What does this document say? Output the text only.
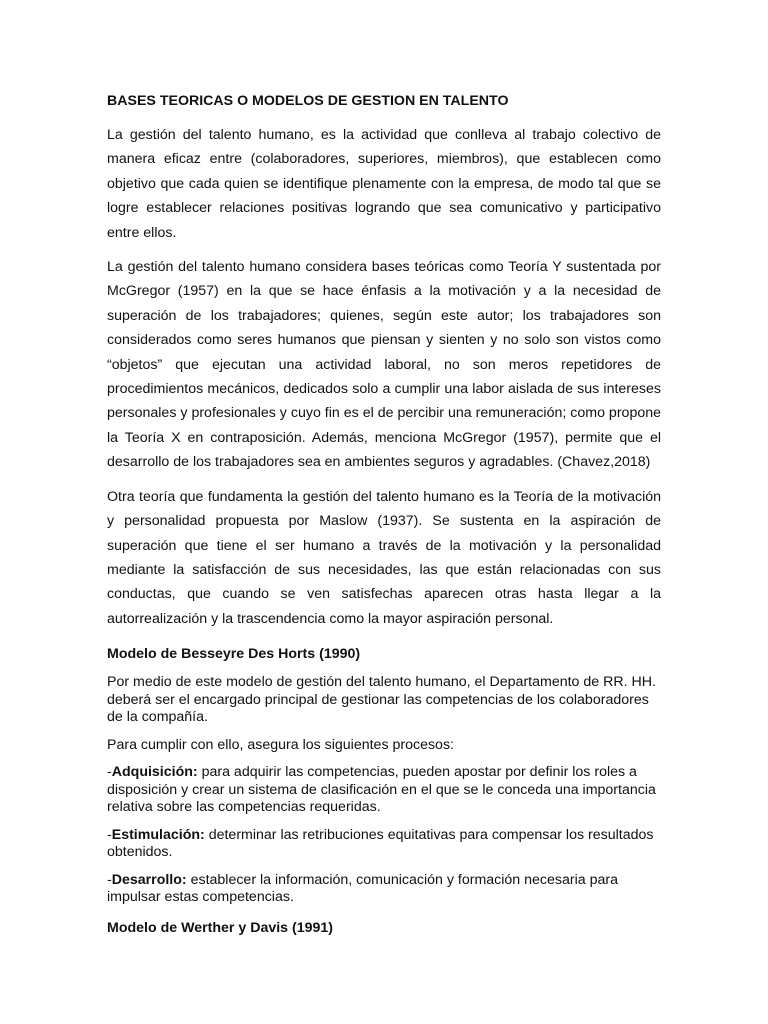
BASES TEORICAS O MODELOS DE GESTION EN TALENTO

La gestión del talento humano, es la actividad que conlleva al trabajo colectivo de manera eficaz entre (colaboradores, superiores, miembros), que establecen como objetivo que cada quien se identifique plenamente con la empresa, de modo tal que se logre establecer relaciones positivas logrando que sea comunicativo y participativo entre ellos.

La gestión del talento humano considera bases teóricas como Teoría Y sustentada por McGregor (1957) en la que se hace énfasis a la motivación y a la necesidad de superación de los trabajadores; quienes, según este autor; los trabajadores son considerados como seres humanos que piensan y sienten y no solo son vistos como “objetos” que ejecutan una actividad laboral, no son meros repetidores de procedimientos mecánicos, dedicados solo a cumplir una labor aislada de sus intereses personales y profesionales y cuyo fin es el de percibir una remuneración; como propone la Teoría X en contraposición. Además, menciona McGregor (1957), permite que el desarrollo de los trabajadores sea en ambientes seguros y agradables. (Chavez,2018)

Otra teoría que fundamenta la gestión del talento humano es la Teoría de la motivación y personalidad propuesta por Maslow (1937). Se sustenta en la aspiración de superación que tiene el ser humano a través de la motivación y la personalidad mediante la satisfacción de sus necesidades, las que están relacionadas con sus conductas, que cuando se ven satisfechas aparecen otras hasta llegar a la autorrealización y la trascendencia como la mayor aspiración personal.

Modelo de Besseyre Des Horts (1990)

Por medio de este modelo de gestión del talento humano, el Departamento de RR. HH. deberá ser el encargado principal de gestionar las competencias de los colaboradores de la compañía.

Para cumplir con ello, asegura los siguientes procesos:

-Adquisición: para adquirir las competencias, pueden apostar por definir los roles a disposición y crear un sistema de clasificación en el que se le conceda una importancia relativa sobre las competencias requeridas.

-Estimulación: determinar las retribuciones equitativas para compensar los resultados obtenidos.

-Desarrollo: establecer la información, comunicación y formación necesaria para impulsar estas competencias.

Modelo de Werther y Davis (1991)
